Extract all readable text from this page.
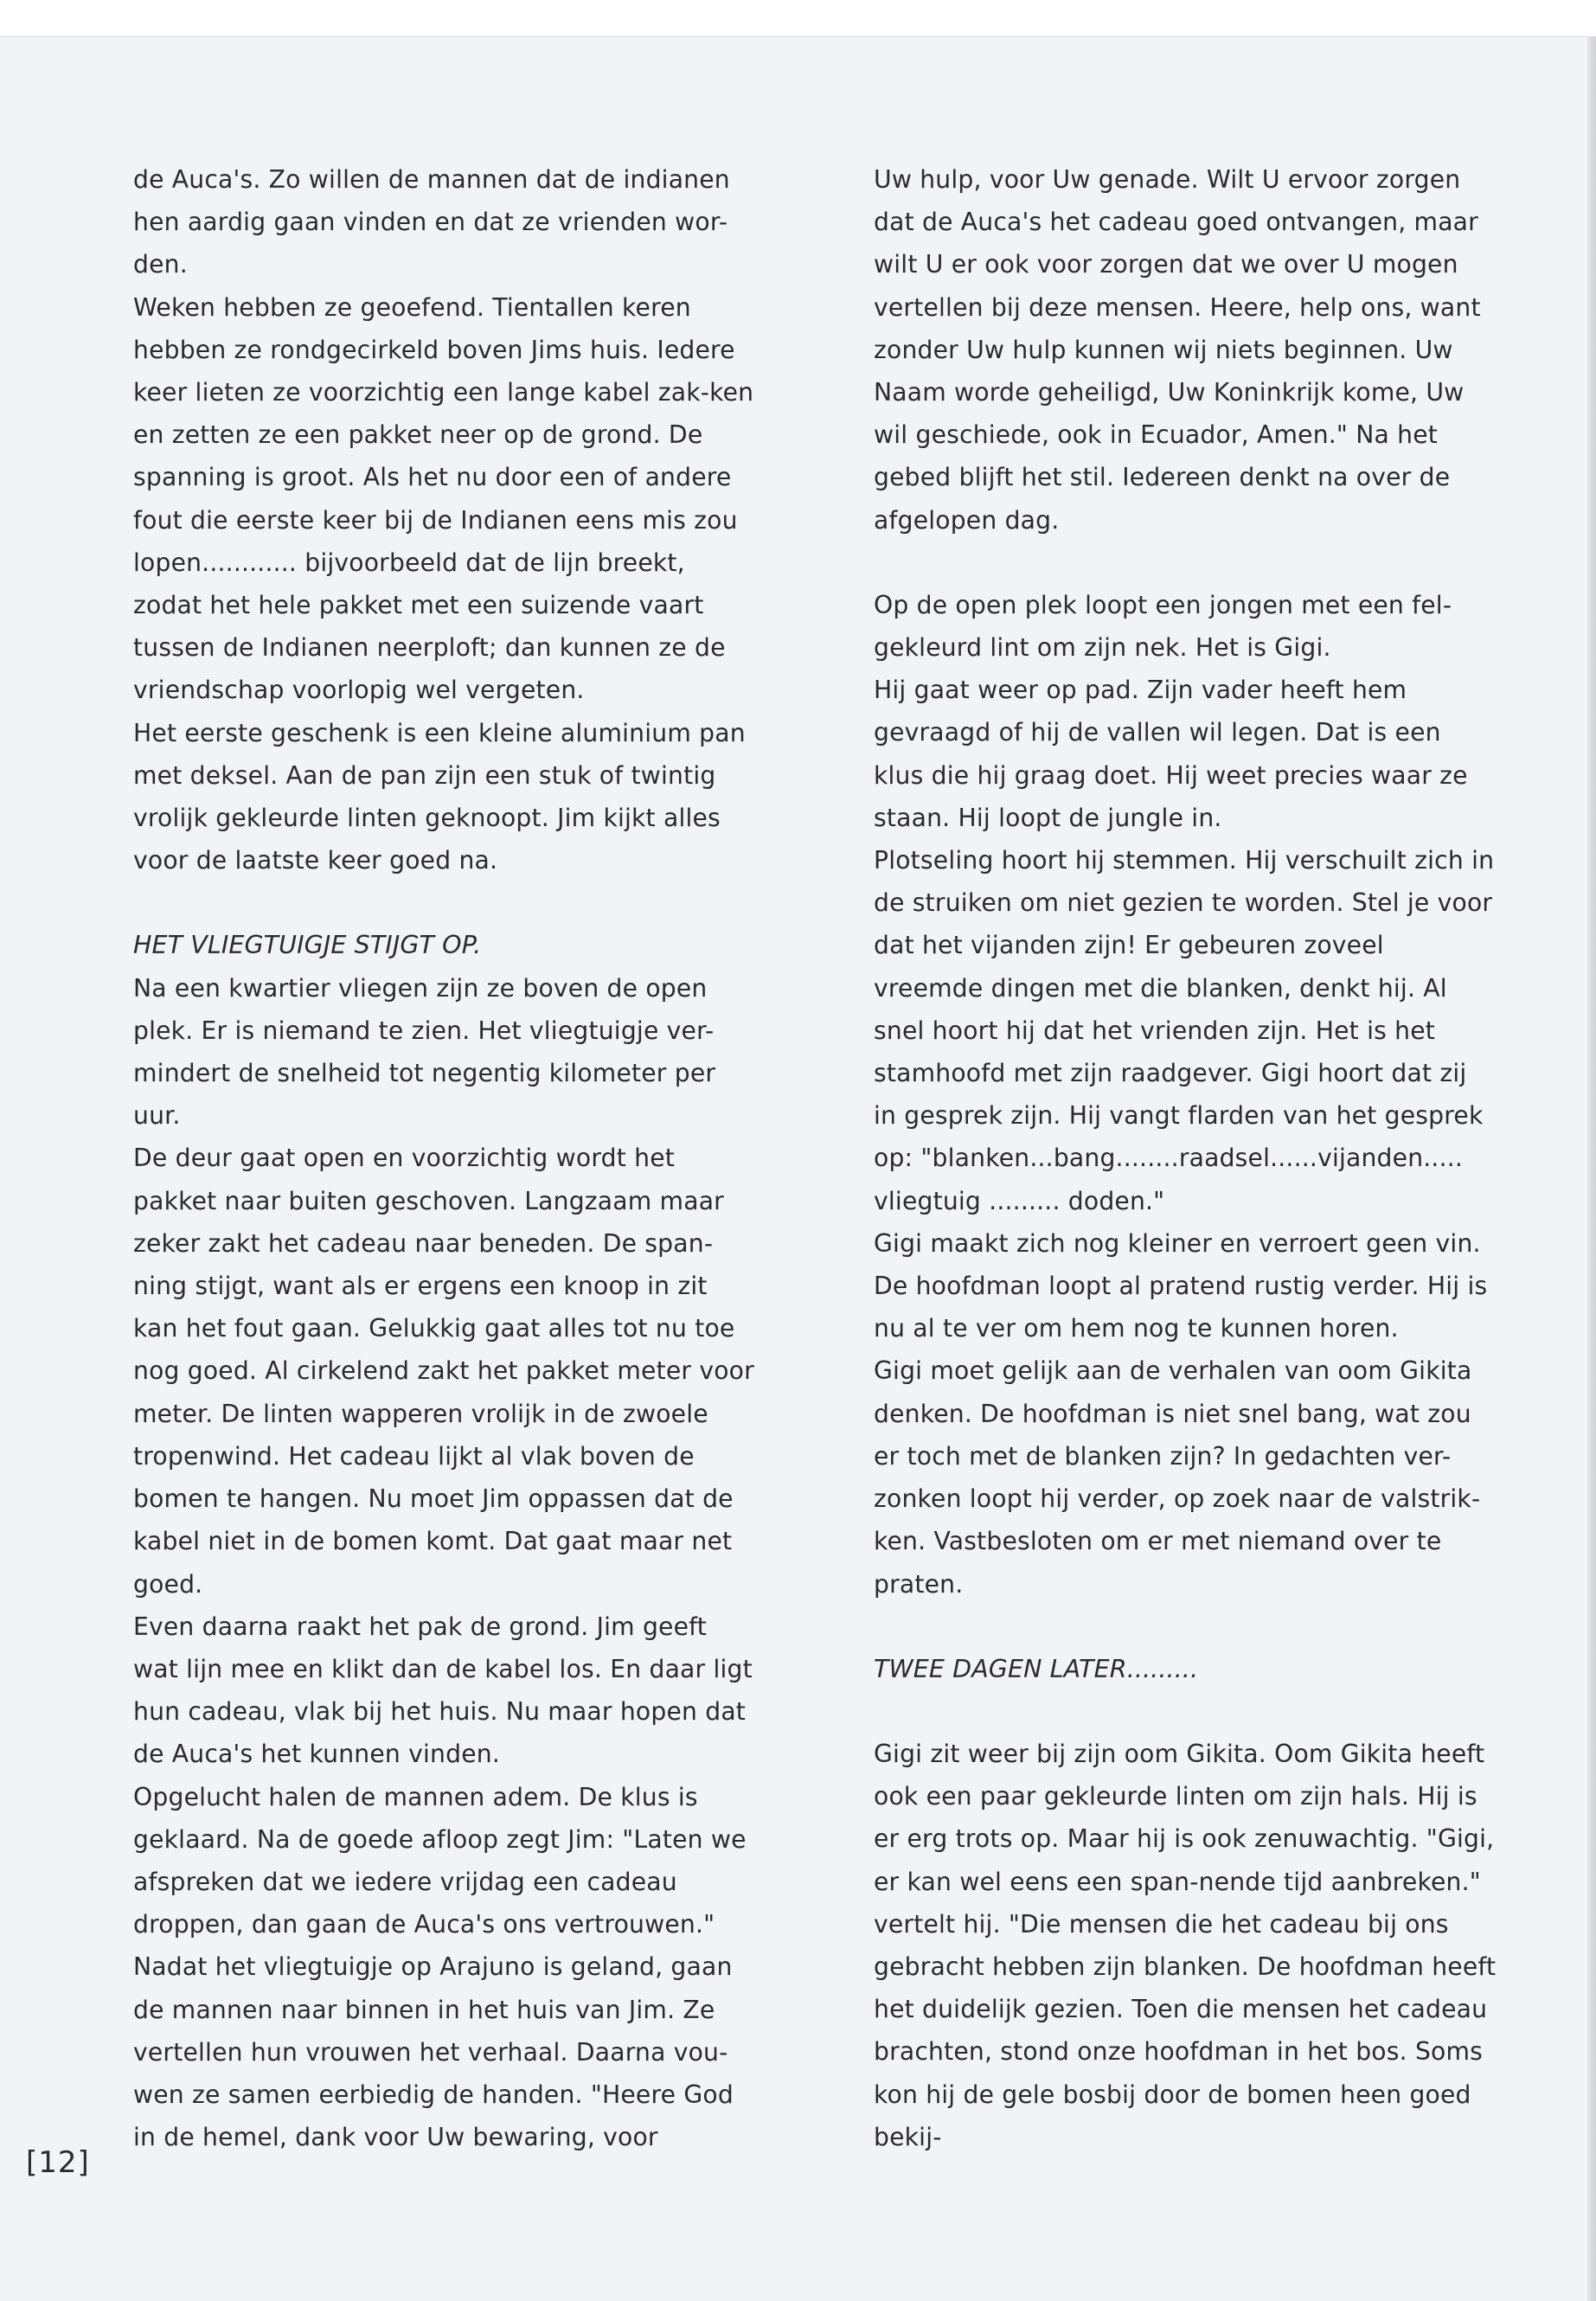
de Auca's. Zo willen de mannen dat de indianen hen aardig gaan vinden en dat ze vrienden wor-den.

Weken hebben ze geoefend. Tientallen keren hebben ze rondgecirkeld boven Jims huis. Iedere keer lieten ze voorzichtig een lange kabel zak-ken en zetten ze een pakket neer op de grond. De spanning is groot. Als het nu door een of andere fout die eerste keer bij de Indianen eens mis zou lopen............ bijvoorbeeld dat de lijn breekt, zodat het hele pakket met een suizende vaart tussen de Indianen neerploft; dan kunnen ze de vriendschap voorlopig wel vergeten.

Het eerste geschenk is een kleine aluminium pan met deksel. Aan de pan zijn een stuk of twintig vrolijk gekleurde linten geknoopt. Jim kijkt alles voor de laatste keer goed na.

HET VLIEGTUIGJE STIJGT OP.

Na een kwartier vliegen zijn ze boven de open plek. Er is niemand te zien. Het vliegtuigje ver-mindert de snelheid tot negentig kilometer per uur.

De deur gaat open en voorzichtig wordt het pakket naar buiten geschoven. Langzaam maar zeker zakt het cadeau naar beneden. De span-ning stijgt, want als er ergens een knoop in zit kan het fout gaan. Gelukkig gaat alles tot nu toe nog goed. Al cirkelend zakt het pakket meter voor meter. De linten wapperen vrolijk in de zwoele tropenwind. Het cadeau lijkt al vlak boven de bomen te hangen. Nu moet Jim oppassen dat de kabel niet in de bomen komt. Dat gaat maar net goed.

Even daarna raakt het pak de grond. Jim geeft wat lijn mee en klikt dan de kabel los. En daar ligt hun cadeau, vlak bij het huis. Nu maar hopen dat de Auca's het kunnen vinden.

Opgelucht halen de mannen adem. De klus is geklaard. Na de goede afloop zegt Jim: "Laten we afspreken dat we iedere vrijdag een cadeau droppen, dan gaan de Auca's ons vertrouwen."

Nadat het vliegtuigje op Arajuno is geland, gaan de mannen naar binnen in het huis van Jim. Ze vertellen hun vrouwen het verhaal. Daarna vou-wen ze samen eerbiedig de handen. "Heere God in de hemel, dank voor Uw bewaring, voor

Uw hulp, voor Uw genade. Wilt U ervoor zorgen dat de Auca's het cadeau goed ontvangen, maar wilt U er ook voor zorgen dat we over U mogen vertellen bij deze mensen. Heere, help ons, want zonder Uw hulp kunnen wij niets beginnen. Uw Naam worde geheiligd, Uw Koninkrijk kome, Uw wil geschiede, ook in Ecuador, Amen." Na het gebed blijft het stil. Iedereen denkt na over de afgelopen dag.

Op de open plek loopt een jongen met een fel-gekleurd lint om zijn nek. Het is Gigi.

Hij gaat weer op pad. Zijn vader heeft hem gevraagd of hij de vallen wil legen. Dat is een klus die hij graag doet. Hij weet precies waar ze staan. Hij loopt de jungle in.

Plotseling hoort hij stemmen. Hij verschuilt zich in de struiken om niet gezien te worden. Stel je voor dat het vijanden zijn! Er gebeuren zoveel vreemde dingen met die blanken, denkt hij. Al snel hoort hij dat het vrienden zijn. Het is het stamhoofd met zijn raadgever. Gigi hoort dat zij in gesprek zijn. Hij vangt flarden van het gesprek op: "blanken...bang........raadsel......vijanden..... vliegtuig ......... doden."

Gigi maakt zich nog kleiner en verroert geen vin. De hoofdman loopt al pratend rustig verder. Hij is nu al te ver om hem nog te kunnen horen.

Gigi moet gelijk aan de verhalen van oom Gikita denken. De hoofdman is niet snel bang, wat zou er toch met de blanken zijn? In gedachten ver-zonken loopt hij verder, op zoek naar de valstrik-ken. Vastbesloten om er met niemand over te praten.

TWEE DAGEN LATER.........

Gigi zit weer bij zijn oom Gikita. Oom Gikita heeft ook een paar gekleurde linten om zijn hals. Hij is er erg trots op. Maar hij is ook zenuwachtig. "Gigi, er kan wel eens een span-nende tijd aanbreken." vertelt hij. "Die mensen die het cadeau bij ons gebracht hebben zijn blanken. De hoofdman heeft het duidelijk gezien. Toen die mensen het cadeau brachten, stond onze hoofdman in het bos. Soms kon hij de gele bosbij door de bomen heen goed bekij-

[12]
